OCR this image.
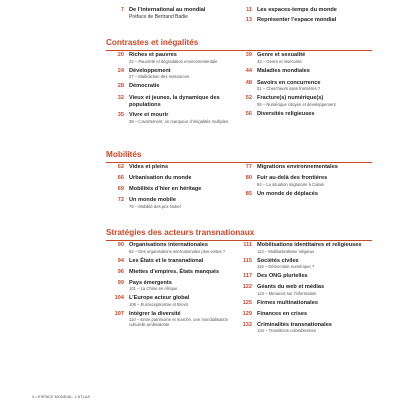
7 De l’international au mondial
Préface de Bertrand Badie
11 Les espaces-temps du monde
13 Représenter l’espace mondial
Contrastes et inégalités
20 Riches et pauvres
22 – Pauvreté et dégradation environnementale
24 Développement
27 – Malédiction des ressources
28 Démocratie
32 Vieux et jeunes, la dynamique des populations
35 Vivre et mourir
38 – L’avortement, un marqueur d’inégalités multiples
39 Genre et sexualité
43 – Genre et insécurité
44 Maladies mondiales
48 Savoirs en concurrence
51 – Chercheurs sans frontières ?
52 Fracture(s) numérique(s)
55 – Numérique citoyen et développement
56 Diversités religieuses
Mobilités
62 Vides et pleins
66 Urbanisation du monde
69 Mobilités d’hier en héritage
72 Un monde mobile
76 – Mobilité des prix Nobel
77 Migrations environnementales
80 Fuir au-delà des frontières
84 – La situation migratoire à Calais
85 Un monde de déplacés
Stratégies des acteurs transnationaux
90 Organisations internationales
92 – Des organisations internationales plus vertes ?
94 Les États et le transnational
96 Miettes d’empires, États manqués
99 Pays émergents
101 – La Chine en Afrique
104 L’Europe acteur global
106 – Euroscepticisme et Brexit
107 Intégrer la diversité
110 – Entre patrimoine et marché, une mondialisation culturelle ambivalente
111 Mobilisations identitaires et religieuses
113 – Multilatéralisme religieux
115 Sociétés civiles
116 – Démocratie numérique ?
117 Des ONG plurielles
122 Géants du web et médias
124 – Menaces sur l’information
125 Firmes multinationales
129 Finances en crises
132 Criminalités transnationales
134 – Transitions colombiennes
4 • ESPACE MONDIAL, L’ATLAS
